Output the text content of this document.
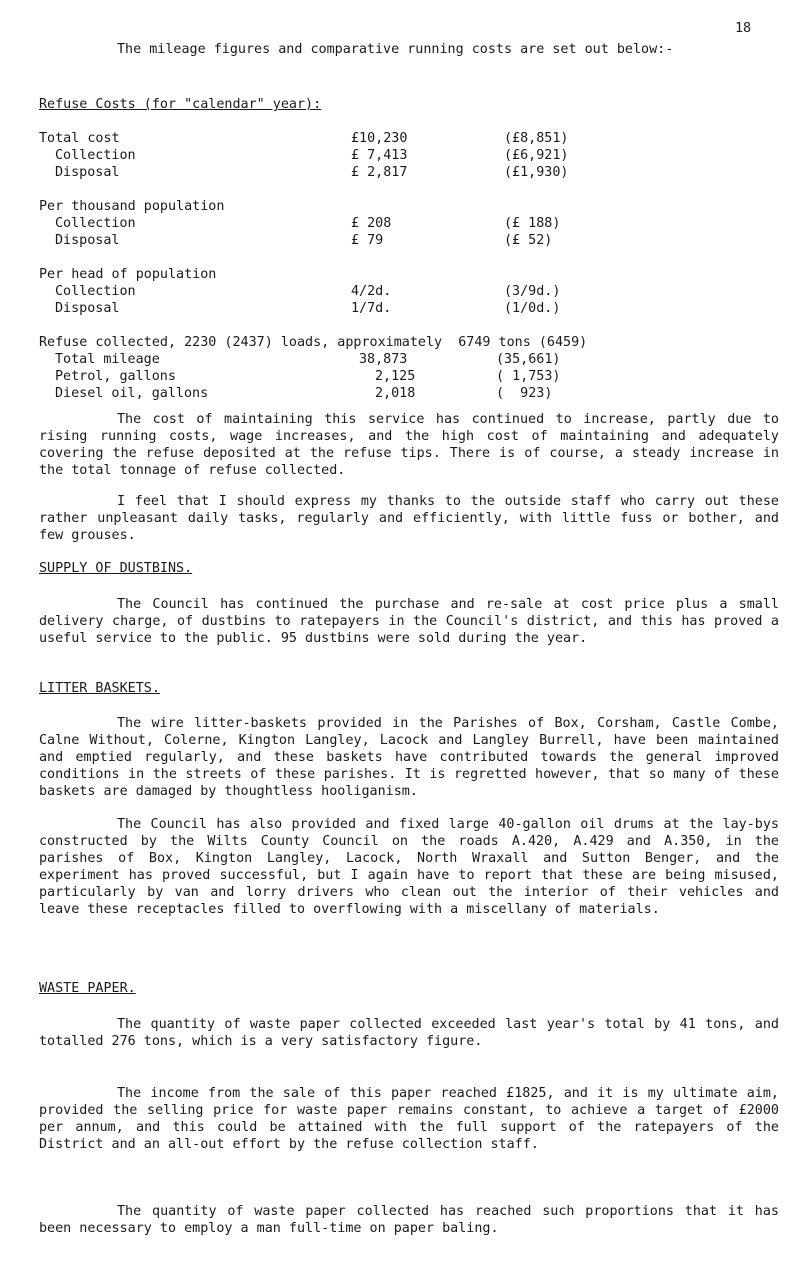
18

The mileage figures and comparative running costs are set out below:-

Refuse Costs (for "calendar" year):
Total cost	£10,230	(£8,851)
Collection	£ 7,413	(£6,921)
Disposal	£ 2,817	(£1,930)
Per thousand population
Collection	£ 208	(£ 188)
Disposal	£ 79	(£ 52)
Per head of population
Collection	4/2d.	(3/9d.)
Disposal	1/7d.	(1/0d.)
Refuse collected, 2230 (2437) loads, approximately  6749 tons (6459)
Total mileage	38,873	(35,661)
Petrol, gallons	2,125	( 1,753)
Diesel oil, gallons	2,018	(  923)

The cost of maintaining this service has continued to increase, partly due to rising running costs, wage increases, and the high cost of maintaining and adequately covering the refuse deposited at the refuse tips. There is of course, a steady increase in the total tonnage of refuse collected.

I feel that I should express my thanks to the outside staff who carry out these rather unpleasant daily tasks, regularly and efficiently, with little fuss or bother, and few grouses.

SUPPLY OF DUSTBINS.

The Council has continued the purchase and re-sale at cost price plus a small delivery charge, of dustbins to ratepayers in the Council's district, and this has proved a useful service to the public. 95 dustbins were sold during the year.

LITTER BASKETS.

The wire litter-baskets provided in the Parishes of Box, Corsham, Castle Combe, Calne Without, Colerne, Kington Langley, Lacock and Langley Burrell, have been maintained and emptied regularly, and these baskets have contributed towards the general improved conditions in the streets of these parishes. It is regretted however, that so many of these baskets are damaged by thoughtless hooliganism.

The Council has also provided and fixed large 40-gallon oil drums at the lay-bys constructed by the Wilts County Council on the roads A.420, A.429 and A.350, in the parishes of Box, Kington Langley, Lacock, North Wraxall and Sutton Benger, and the experiment has proved successful, but I again have to report that these are being misused, particularly by van and lorry drivers who clean out the interior of their vehicles and leave these receptacles filled to overflowing with a miscellany of materials.

WASTE PAPER.

The quantity of waste paper collected exceeded last year's total by 41 tons, and totalled 276 tons, which is a very satisfactory figure.

The income from the sale of this paper reached £1825, and it is my ultimate aim, provided the selling price for waste paper remains constant, to achieve a target of £2000 per annum, and this could be attained with the full support of the ratepayers of the District and an all-out effort by the refuse collection staff.

The quantity of waste paper collected has reached such proportions that it has been necessary to employ a man full-time on paper baling.
